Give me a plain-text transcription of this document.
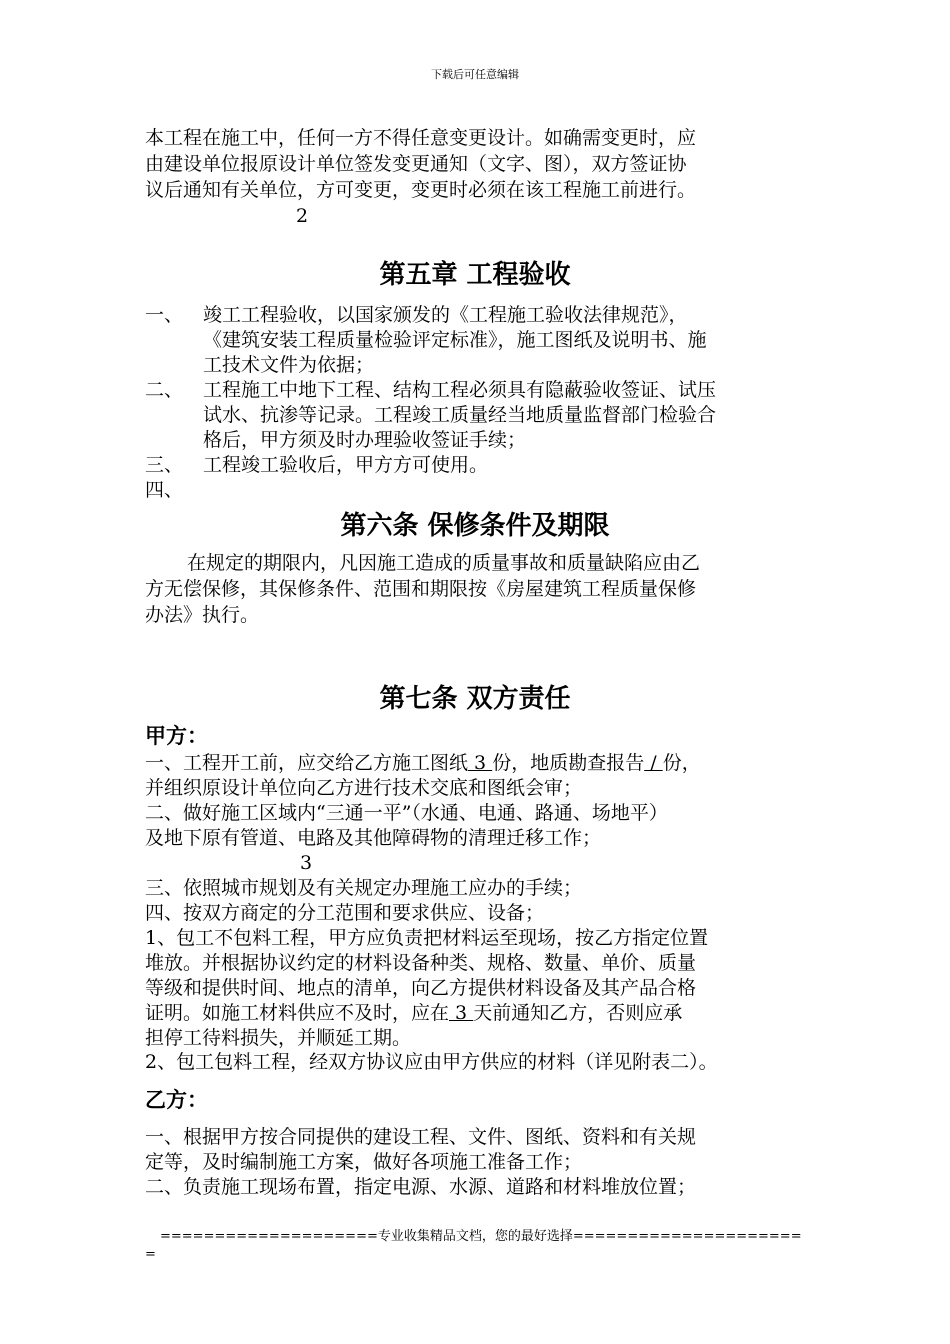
下载后可任意编辑
本工程在施工中，任何一方不得任意变更设计。如确需变更时，应
由建设单位报原设计单位签发变更通知（文字、图），双方签证协
议后通知有关单位，方可变更，变更时必须在该工程施工前进行。
2
第五章 工程验收
一、 竣工工程验收，以国家颁发的《工程施工验收法律规范》，
《建筑安装工程质量检验评定标准》，施工图纸及说明书、施
工技术文件为依据；
二、 工程施工中地下工程、结构工程必须具有隐蔽验收签证、试压
试水、抗渗等记录。工程竣工质量经当地质量监督部门检验合
格后，甲方须及时办理验收签证手续；
三、 工程竣工验收后，甲方方可使用。
四、
第六条 保修条件及期限
在规定的期限内，凡因施工造成的质量事故和质量缺陷应由乙
方无偿保修，其保修条件、范围和期限按《房屋建筑工程质量保修
办法》执行。
第七条 双方责任
甲方：
一、工程开工前，应交给乙方施工图纸 3 份，地质勘查报告 / 份，
并组织原设计单位向乙方进行技术交底和图纸会审；
二、做好施工区域内“三通一平”（水通、电通、路通、场地平）
及地下原有管道、电路及其他障碍物的清理迁移工作；
3
三、依照城市规划及有关规定办理施工应办的手续；
四、按双方商定的分工范围和要求供应、设备；
1、包工不包料工程，甲方应负责把材料运至现场，按乙方指定位置
堆放。并根据协议约定的材料设备种类、规格、数量、单价、质量
等级和提供时间、地点的清单，向乙方提供材料设备及其产品合格
证明。如施工材料供应不及时，应在 3 天前通知乙方，否则应承
担停工待料损失，并顺延工期。
2、包工包料工程，经双方协议应由甲方供应的材料（详见附表二）。
乙方：
一、根据甲方按合同提供的建设工程、文件、图纸、资料和有关规
定等，及时编制施工方案，做好各项施工准备工作；
二、负责施工现场布置，指定电源、水源、道路和材料堆放位置；
====================专业收集精品文档，您的最好选择=====================
=
